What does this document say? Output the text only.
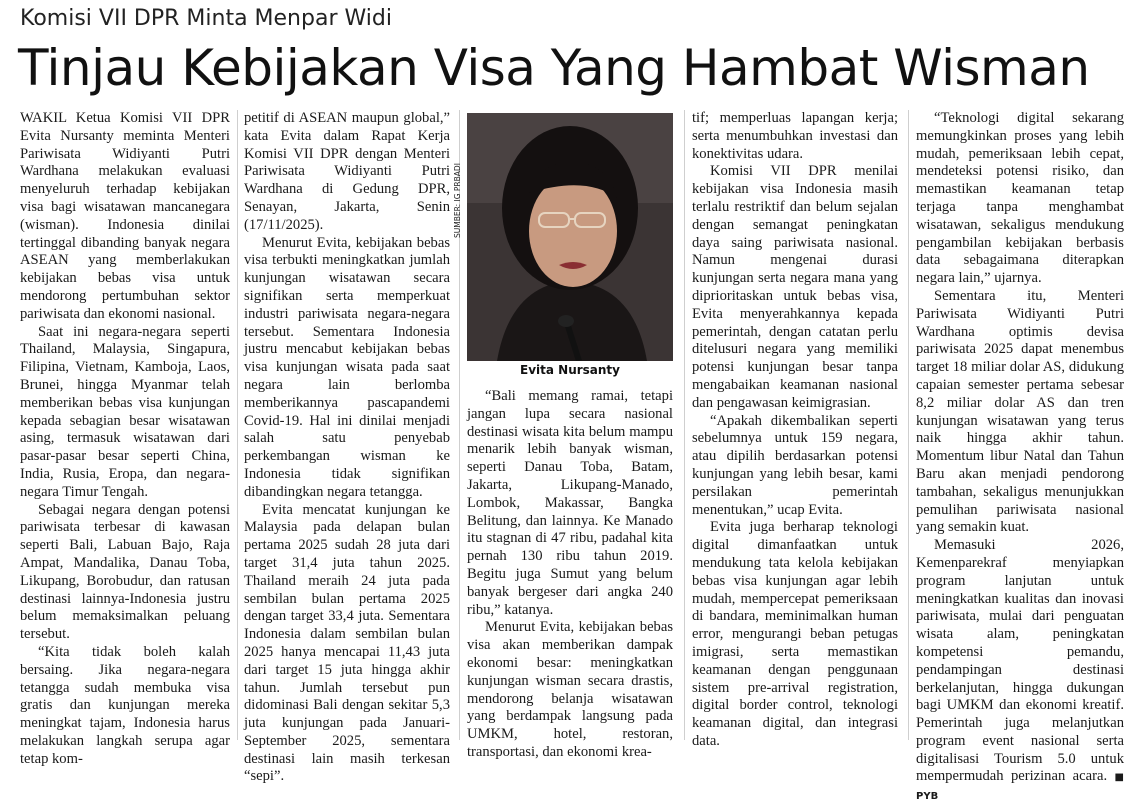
Komisi VII DPR Minta Menpar Widi
Tinjau Kebijakan Visa Yang Hambat Wisman

WAKIL Ketua Komisi VII DPR Evita Nursanty meminta Menteri Pariwisata Widiyanti Putri Wardhana melakukan evaluasi menyeluruh terhadap kebijakan visa bagi wisatawan mancanegara (wisman). Indonesia dinilai tertinggal dibanding banyak negara ASEAN yang memberlakukan kebijakan bebas visa untuk mendorong pertumbuhan sektor pariwisata dan ekonomi nasional.

Saat ini negara-negara seperti Thailand, Malaysia, Singapura, Filipina, Vietnam, Kamboja, Laos, Brunei, hingga Myanmar telah memberikan bebas visa kunjungan kepada sebagian besar wisatawan asing, termasuk wisatawan dari pasar-pasar besar seperti China, India, Rusia, Eropa, dan negara-negara Timur Tengah.

Sebagai negara dengan potensi pariwisata terbesar di kawasan seperti Bali, Labuan Bajo, Raja Ampat, Mandalika, Danau Toba, Likupang, Borobudur, dan ratusan destinasi lainnya-Indonesia justru belum memaksimalkan peluang tersebut.

“Kita tidak boleh kalah bersaing. Jika negara-negara tetangga sudah membuka visa gratis dan kunjungan mereka meningkat tajam, Indonesia harus melakukan langkah serupa agar tetap kom-

petitif di ASEAN maupun global,” kata Evita dalam Rapat Kerja Komisi VII DPR dengan Menteri Pariwisata Widiyanti Putri Wardhana di Gedung DPR, Senayan, Jakarta, Senin (17/11/2025).

Menurut Evita, kebijakan bebas visa terbukti meningkatkan jumlah kunjungan wisatawan secara signifikan serta memperkuat industri pariwisata negara-negara tersebut. Sementara Indonesia justru mencabut kebijakan bebas visa kunjungan wisata pada saat negara lain berlomba memberikannya pascapandemi Covid-19. Hal ini dinilai menjadi salah satu penyebab perkembangan wisman ke Indonesia tidak signifikan dibandingkan negara tetangga.

Evita mencatat kunjungan ke Malaysia pada delapan bulan pertama 2025 sudah 28 juta dari target 31,4 juta tahun 2025. Thailand meraih 24 juta pada sembilan bulan pertama 2025 dengan target 33,4 juta. Sementara Indonesia dalam sembilan bulan 2025 hanya mencapai 11,43 juta dari target 15 juta hingga akhir tahun. Jumlah tersebut pun didominasi Bali dengan sekitar 5,3 juta kunjungan pada Januari-September 2025, sementara destinasi lain masih terkesan “sepi”.

SUMBER: IG PRBADI
Evita Nursanty

“Bali memang ramai, tetapi jangan lupa secara nasional destinasi wisata kita belum mampu menarik lebih banyak wisman, seperti Danau Toba, Batam, Jakarta, Likupang-Manado, Lombok, Makassar, Bangka Belitung, dan lainnya. Ke Manado itu stagnan di 47 ribu, padahal kita pernah 130 ribu tahun 2019. Begitu juga Sumut yang belum banyak bergeser dari angka 240 ribu,” katanya.

Menurut Evita, kebijakan bebas visa akan memberikan dampak ekonomi besar: meningkatkan kunjungan wisman secara drastis, mendorong belanja wisatawan yang berdampak langsung pada UMKM, hotel, restoran, transportasi, dan ekonomi krea-

tif; memperluas lapangan kerja; serta menumbuhkan investasi dan konektivitas udara.

Komisi VII DPR menilai kebijakan visa Indonesia masih terlalu restriktif dan belum sejalan dengan semangat peningkatan daya saing pariwisata nasional. Namun mengenai durasi kunjungan serta negara mana yang diprioritaskan untuk bebas visa, Evita menyerahkannya kepada pemerintah, dengan catatan perlu ditelusuri negara yang memiliki potensi kunjungan besar tanpa mengabaikan keamanan nasional dan pengawasan keimigrasian.

“Apakah dikembalikan seperti sebelumnya untuk 159 negara, atau dipilih berdasarkan potensi kunjungan yang lebih besar, kami persilakan pemerintah menentukan,” ucap Evita.

Evita juga berharap teknologi digital dimanfaatkan untuk mendukung tata kelola kebijakan bebas visa kunjungan agar lebih mudah, mempercepat pemeriksaan di bandara, meminimalkan human error, mengurangi beban petugas imigrasi, serta memastikan keamanan dengan penggunaan sistem pre-arrival registration, digital border control, teknologi keamanan digital, dan integrasi data.

“Teknologi digital sekarang memungkinkan proses yang lebih mudah, pemeriksaan lebih cepat, mendeteksi potensi risiko, dan memastikan keamanan tetap terjaga tanpa menghambat wisatawan, sekaligus mendukung pengambilan kebijakan berbasis data sebagaimana diterapkan negara lain,” ujarnya.

Sementara itu, Menteri Pariwisata Widiyanti Putri Wardhana optimis devisa pariwisata 2025 dapat menembus target 18 miliar dolar AS, didukung capaian semester pertama sebesar 8,2 miliar dolar AS dan tren kunjungan wisatawan yang terus naik hingga akhir tahun. Momentum libur Natal dan Tahun Baru akan menjadi pendorong tambahan, sekaligus menunjukkan pemulihan pariwisata nasional yang semakin kuat.

Memasuki 2026, Kemenparekraf menyiapkan program lanjutan untuk meningkatkan kualitas dan inovasi pariwisata, mulai dari penguatan wisata alam, peningkatan kompetensi pemandu, pendampingan destinasi berkelanjutan, hingga dukungan bagi UMKM dan ekonomi kreatif. Pemerintah juga melanjutkan program event nasional serta digitalisasi Tourism 5.0 untuk mempermudah perizinan acara. ■ PYB
